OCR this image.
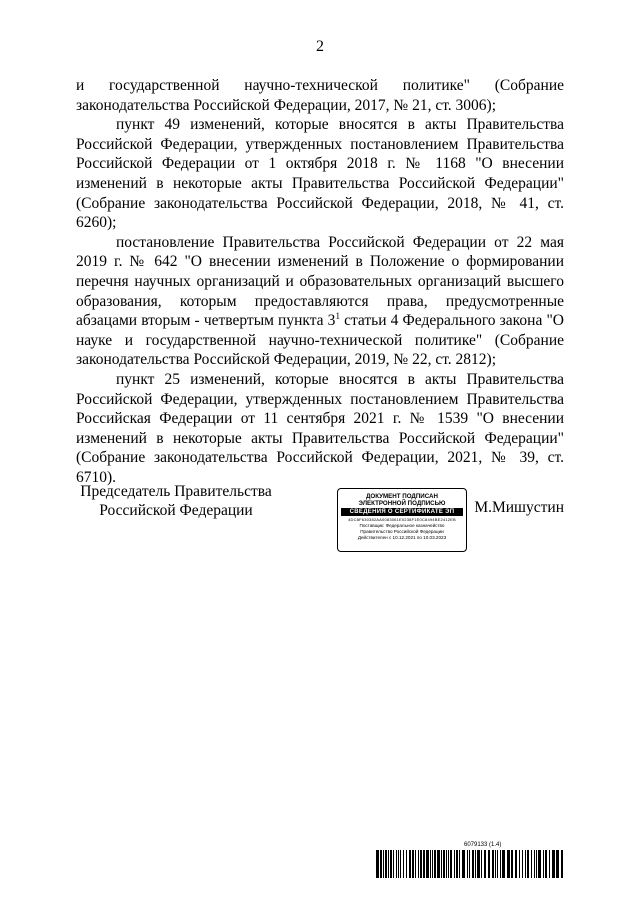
2

и государственной научно-технической политике" (Собрание законодательства Российской Федерации, 2017, № 21, ст. 3006);

пункт 49 изменений, которые вносятся в акты Правительства Российской Федерации, утвержденных постановлением Правительства Российской Федерации от 1 октября 2018 г. № 1168 "О внесении изменений в некоторые акты Правительства Российской Федерации" (Собрание законодательства Российской Федерации, 2018, № 41, ст. 6260);

постановление Правительства Российской Федерации от 22 мая 2019 г. № 642 "О внесении изменений в Положение о формировании перечня научных организаций и образовательных организаций высшего образования, которым предоставляются права, предусмотренные абзацами вторым - четвертым пункта $3^1$ статьи 4 Федерального закона "О науке и государственной научно-технической политике" (Собрание законодательства Российской Федерации, 2019, № 22, ст. 2812);

пункт 25 изменений, которые вносятся в акты Правительства Российской Федерации, утвержденных постановлением Правительства Российская Федерации от 11 сентября 2021 г. № 1539 "О внесении изменений в некоторые акты Правительства Российской Федерации" (Собрание законодательства Российской Федерации, 2021, № 39, ст. 6710).

Председатель Правительства
Российской Федерации
ДОКУМЕНТ ПОДПИСАН
ЭЛЕКТРОННОЙ ПОДПИСЬЮ
СВЕДЕНИЯ О СЕРТИФИКАТЕ ЭП
4DC8F630382AA0083061E0238F1E0C8494BE2412EB
Поставщик: Федеральное казначейство
Правительство Российской Федерации
Действителен с 10.12.2021 по 10.03.2023
М.Мишустин
6079133 (1.4)
